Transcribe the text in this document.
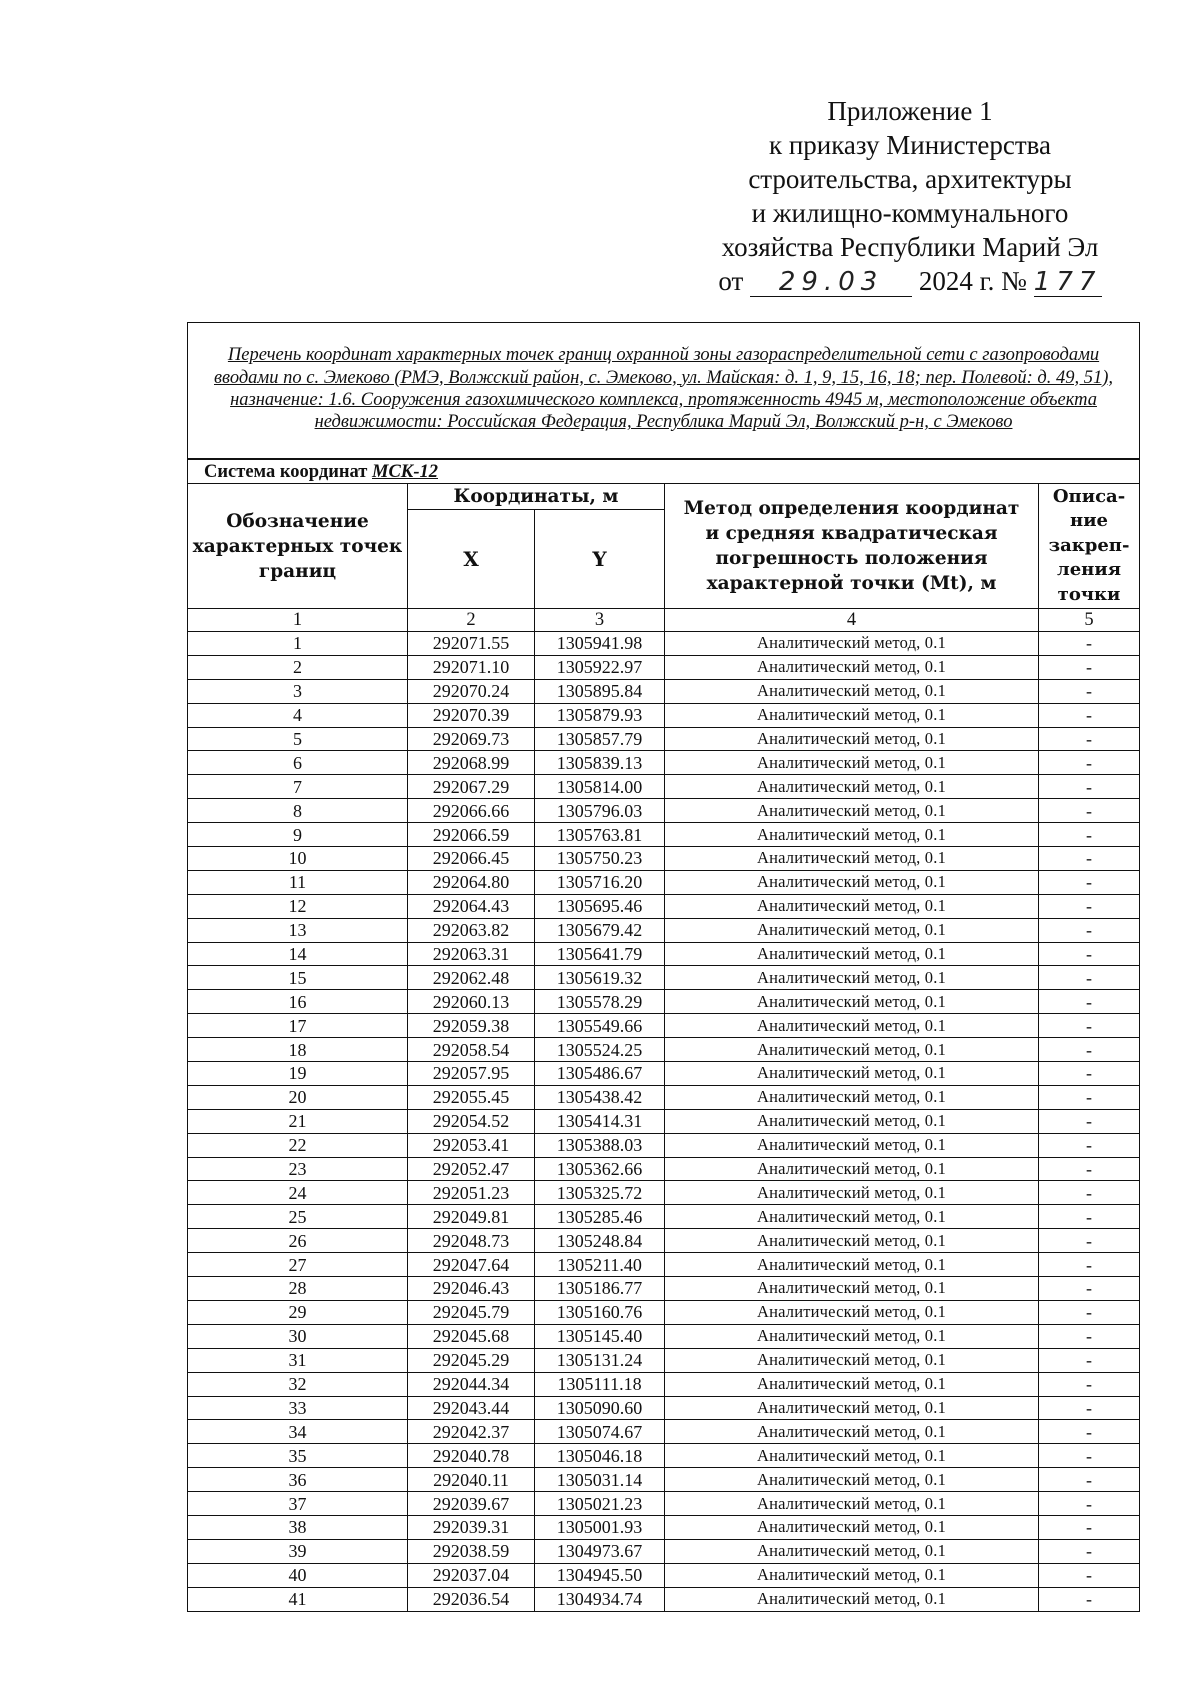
Приложение 1
к приказу Министерства
строительства, архитектуры
и жилищно-коммунального
хозяйства Республики Марий Эл
от 29.03 2024 г. № 177
Перечень координат характерных точек границ охранной зоны газораспределительной сети с газопроводами вводами по с. Эмеково (РМЭ, Волжский район, с. Эмеково, ул. Майская: д. 1, 9, 15, 16, 18; пер. Полевой: д. 49, 51), назначение: 1.6. Сооружения газохимического комплекса, протяженность 4945 м, местоположение объекта недвижимости: Российская Федерация, Республика Марий Эл, Волжский р-н, с Эмеково				
Система координат МСК-12				
Обозначение характерных точек границ	Координаты, м		Метод определения координат и средняя квадратическая погрешность положения характерной точки (Mt), м	Описа-ние закреп-ления точки
	X	Y		
1	2	3	4	5
1	292071.55	1305941.98	Аналитический метод, 0.1	-
2	292071.10	1305922.97	Аналитический метод, 0.1	-
3	292070.24	1305895.84	Аналитический метод, 0.1	-
4	292070.39	1305879.93	Аналитический метод, 0.1	-
5	292069.73	1305857.79	Аналитический метод, 0.1	-
6	292068.99	1305839.13	Аналитический метод, 0.1	-
7	292067.29	1305814.00	Аналитический метод, 0.1	-
8	292066.66	1305796.03	Аналитический метод, 0.1	-
9	292066.59	1305763.81	Аналитический метод, 0.1	-
10	292066.45	1305750.23	Аналитический метод, 0.1	-
11	292064.80	1305716.20	Аналитический метод, 0.1	-
12	292064.43	1305695.46	Аналитический метод, 0.1	-
13	292063.82	1305679.42	Аналитический метод, 0.1	-
14	292063.31	1305641.79	Аналитический метод, 0.1	-
15	292062.48	1305619.32	Аналитический метод, 0.1	-
16	292060.13	1305578.29	Аналитический метод, 0.1	-
17	292059.38	1305549.66	Аналитический метод, 0.1	-
18	292058.54	1305524.25	Аналитический метод, 0.1	-
19	292057.95	1305486.67	Аналитический метод, 0.1	-
20	292055.45	1305438.42	Аналитический метод, 0.1	-
21	292054.52	1305414.31	Аналитический метод, 0.1	-
22	292053.41	1305388.03	Аналитический метод, 0.1	-
23	292052.47	1305362.66	Аналитический метод, 0.1	-
24	292051.23	1305325.72	Аналитический метод, 0.1	-
25	292049.81	1305285.46	Аналитический метод, 0.1	-
26	292048.73	1305248.84	Аналитический метод, 0.1	-
27	292047.64	1305211.40	Аналитический метод, 0.1	-
28	292046.43	1305186.77	Аналитический метод, 0.1	-
29	292045.79	1305160.76	Аналитический метод, 0.1	-
30	292045.68	1305145.40	Аналитический метод, 0.1	-
31	292045.29	1305131.24	Аналитический метод, 0.1	-
32	292044.34	1305111.18	Аналитический метод, 0.1	-
33	292043.44	1305090.60	Аналитический метод, 0.1	-
34	292042.37	1305074.67	Аналитический метод, 0.1	-
35	292040.78	1305046.18	Аналитический метод, 0.1	-
36	292040.11	1305031.14	Аналитический метод, 0.1	-
37	292039.67	1305021.23	Аналитический метод, 0.1	-
38	292039.31	1305001.93	Аналитический метод, 0.1	-
39	292038.59	1304973.67	Аналитический метод, 0.1	-
40	292037.04	1304945.50	Аналитический метод, 0.1	-
41	292036.54	1304934.74	Аналитический метод, 0.1	-
